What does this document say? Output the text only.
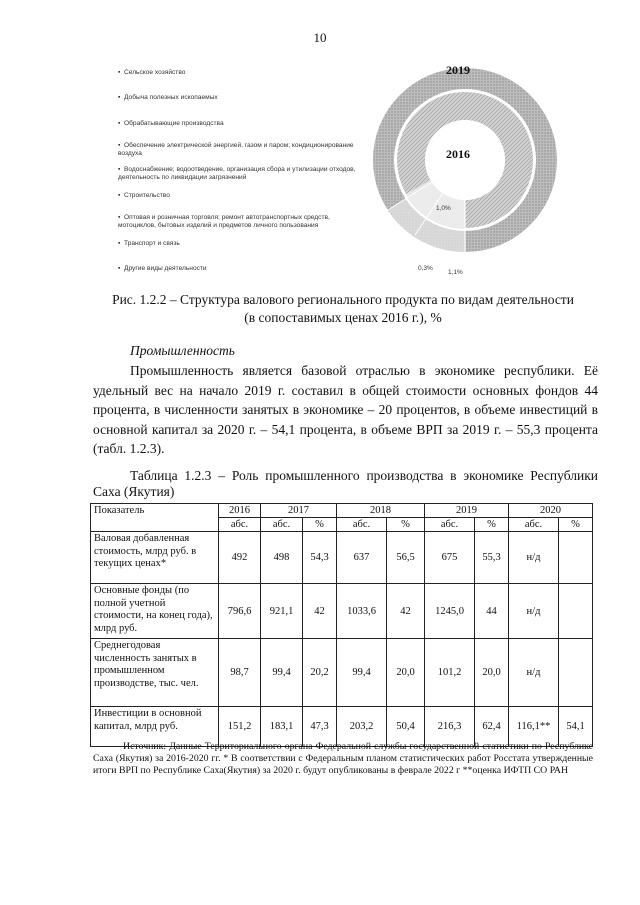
10
▪ Сельское хозяйство
▪ Добыча полезных ископаемых
▪ Обрабатывающие производства
▪ Обеспечение электрической энергией, газом и паром; кондиционирование воздуха
▪ Водоснабжение; водоотведение, организация сбора и утилизации отходов, деятельность по ликвидации загрязнений
▪ Строительство
▪ Оптовая и розничная торговля; ремонт автотранспортных средств, мотоциклов, бытовых изделий и предметов личного пользования
▪ Транспорт и связь
▪ Другие виды деятельности
2019
2016
1,0%
0,3%
1,1%
Рис. 1.2.2 – Структура валового регионального продукта по видам деятельности (в сопоставимых ценах 2016 г.), %
Промышленность
Промышленность является базовой отраслью в экономике республики. Её удельный вес на начало 2019 г. составил в общей стоимости основных фондов 44 процента, в численности занятых в экономике – 20 процентов, в объеме инвестиций в основной капитал за 2020 г. – 54,1 процента, в объеме ВРП за 2019 г. – 55,3 процента (табл. 1.2.3).
Таблица 1.2.3 – Роль промышленного производства в экономике Республики Саха (Якутия)
Показатель	2016	2017		2018		2019		2020	
	абс.	абс.	%	абс.	%	абс.	%	абс.	%
Валовая добавленная стоимость, млрд руб. в текущих ценах*	492	498	54,3	637	56,5	675	55,3	н/д	
Основные фонды (по полной учетной стоимости, на конец года), млрд руб.	796,6	921,1	42	1033,6	42	1245,0	44	н/д	
Среднегодовая численность занятых в промышленном производстве, тыс. чел.	98,7	99,4	20,2	99,4	20,0	101,2	20,0	н/д	
Инвестиции в основной капитал, млрд руб.	151,2	183,1	47,3	203,2	50,4	216,3	62,4	116,1**	54,1
Источник: Данные Территориального органа Федеральной службы государственной статистики по Республике Саха (Якутия) за 2016-2020 гг. * В соответствии с Федеральным планом статистических работ Росстата утвержденные итоги ВРП по Республике Саха(Якутия) за 2020 г. будут опубликованы в феврале 2022 г **оценка ИФТП СО РАН
